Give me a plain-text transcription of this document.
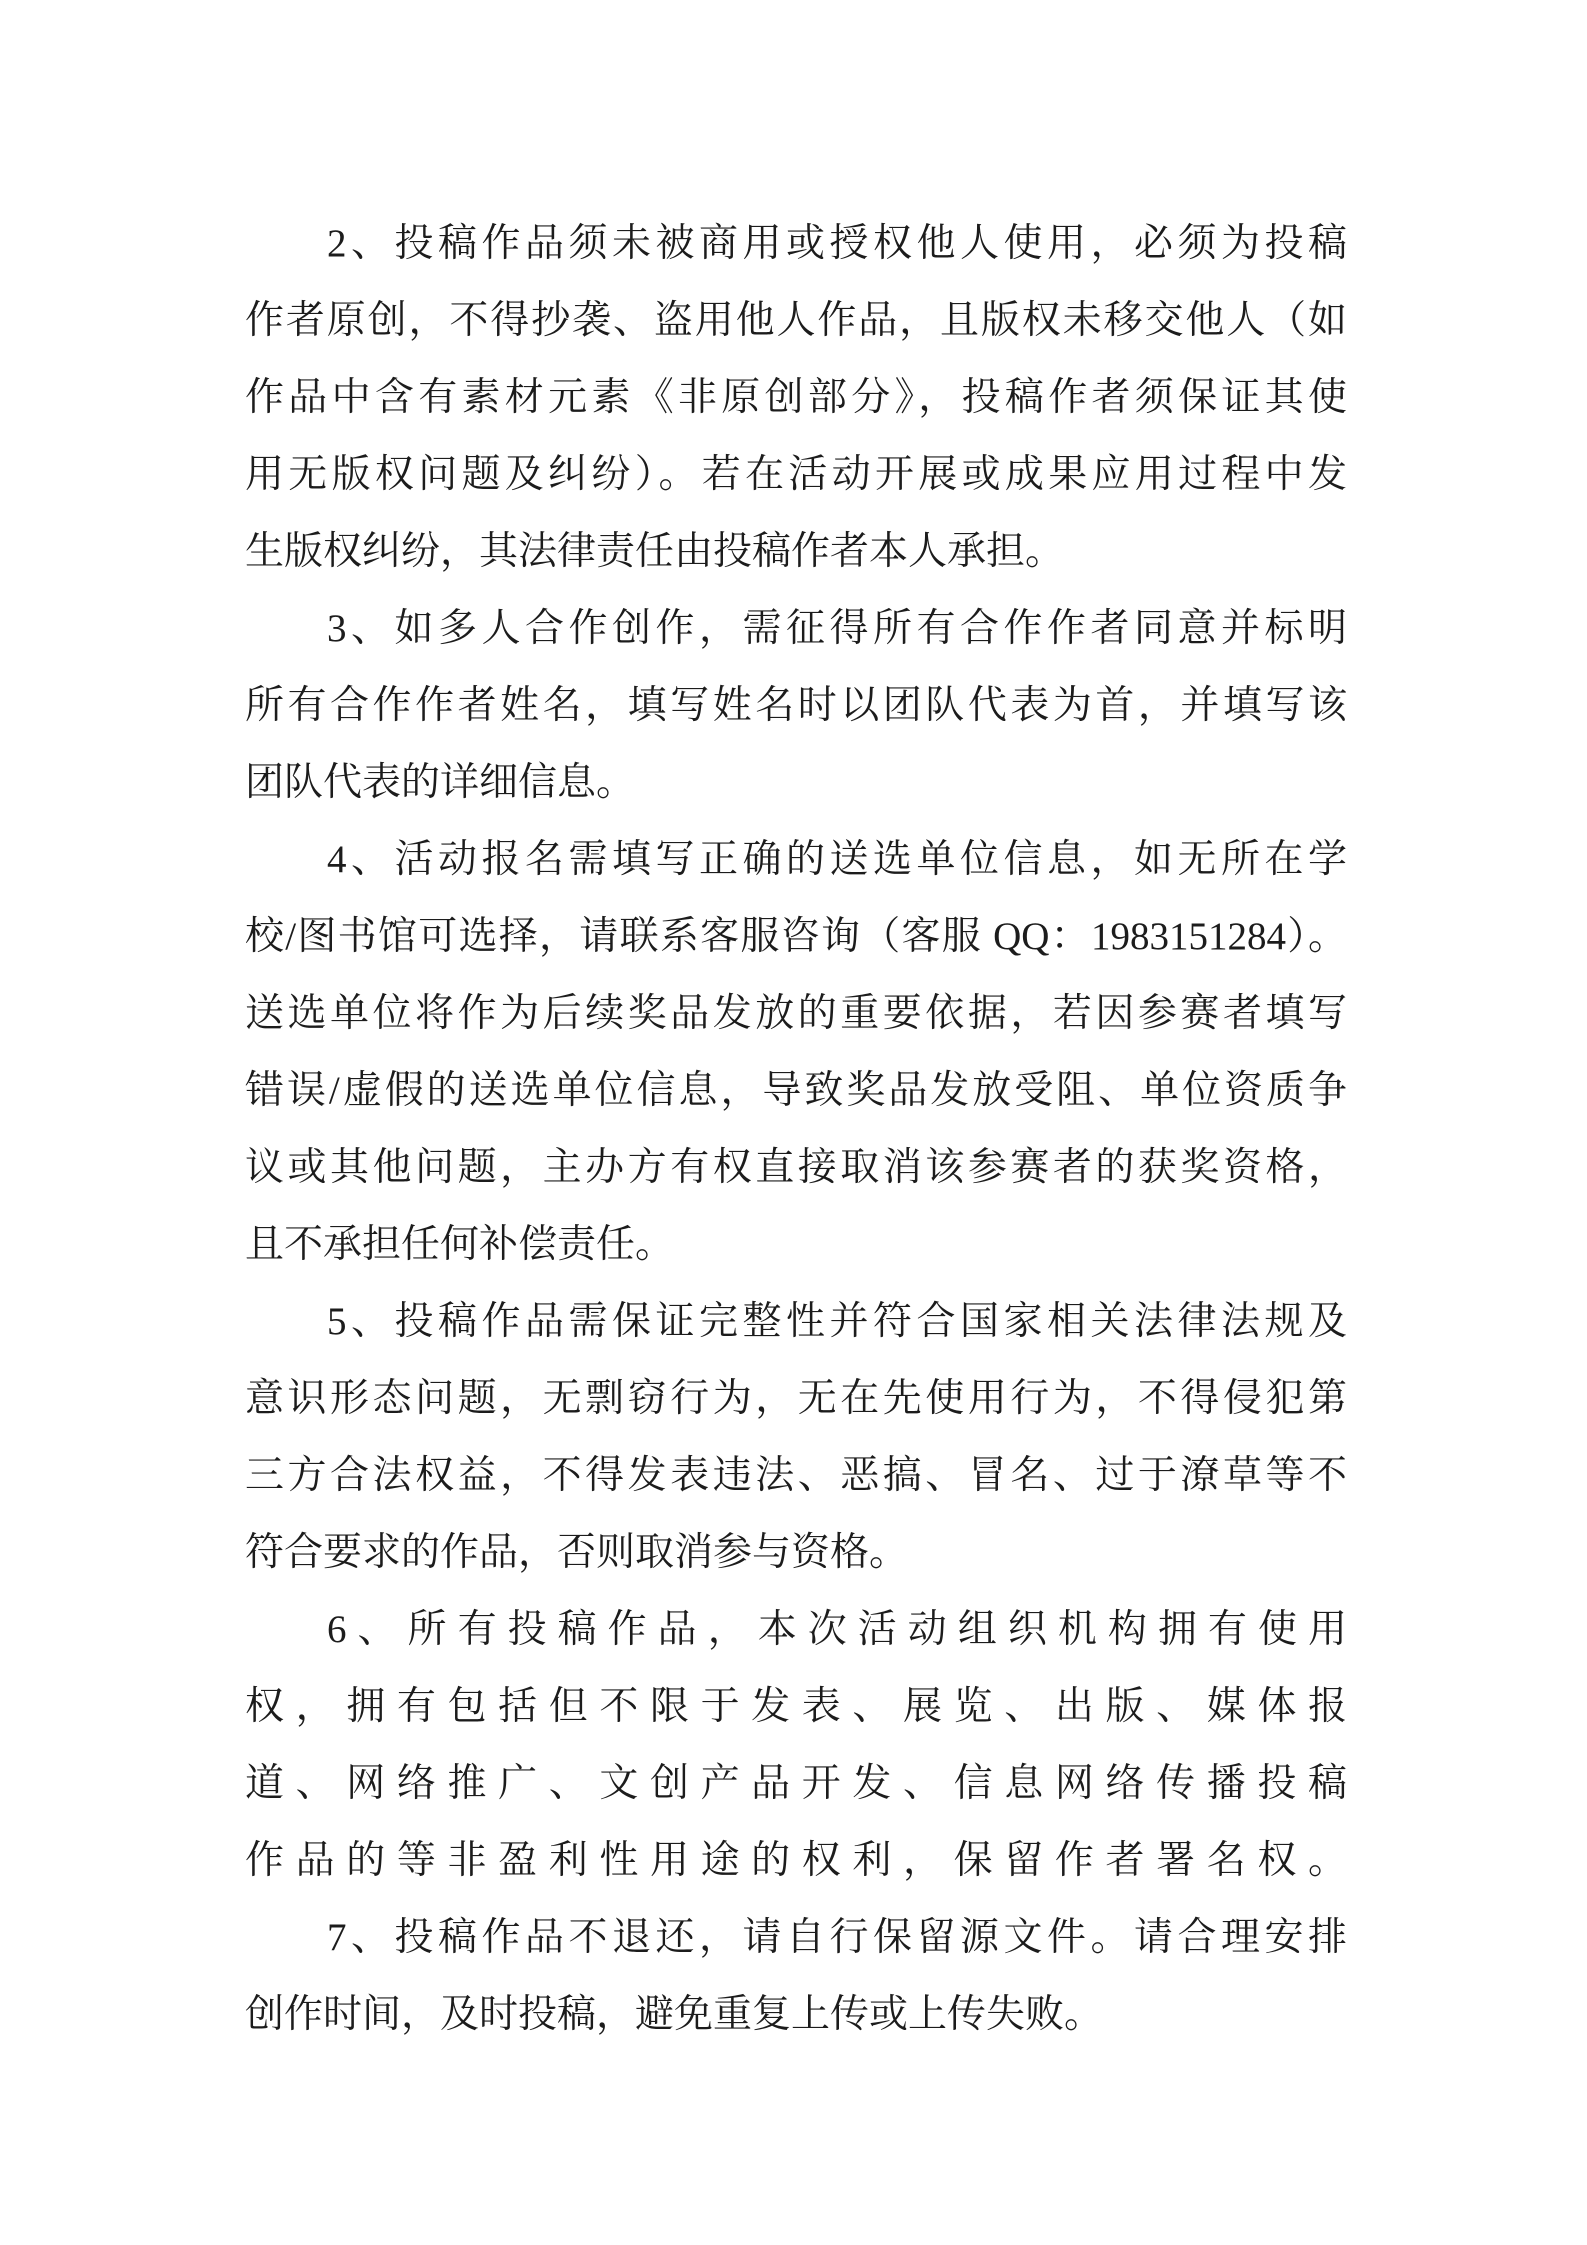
2、投稿作品须未被商用或授权他人使用，必须为投稿
作者原创，不得抄袭、盗用他人作品，且版权未移交他人（如
作品中含有素材元素《非原创部分》，投稿作者须保证其使
用无版权问题及纠纷）。若在活动开展或成果应用过程中发
生版权纠纷，其法律责任由投稿作者本人承担。
3、如多人合作创作，需征得所有合作作者同意并标明
所有合作作者姓名，填写姓名时以团队代表为首，并填写该
团队代表的详细信息。
4、活动报名需填写正确的送选单位信息，如无所在学
校/图书馆可选择，请联系客服咨询（客服 QQ：1983151284）。
送选单位将作为后续奖品发放的重要依据，若因参赛者填写
错误/虚假的送选单位信息，导致奖品发放受阻、单位资质争
议或其他问题，主办方有权直接取消该参赛者的获奖资格，
且不承担任何补偿责任。
5、投稿作品需保证完整性并符合国家相关法律法规及
意识形态问题，无剽窃行为，无在先使用行为，不得侵犯第
三方合法权益，不得发表违法、恶搞、冒名、过于潦草等不
符合要求的作品，否则取消参与资格。
6、所有投稿作品，本次活动组织机构拥有使用
权，拥有包括但不限于发表、展览、出版、媒体报
道、网络推广、文创产品开发、信息网络传播投稿
作品的等非盈利性用途的权利，保留作者署名权。
7、投稿作品不退还，请自行保留源文件。请合理安排
创作时间，及时投稿，避免重复上传或上传失败。
